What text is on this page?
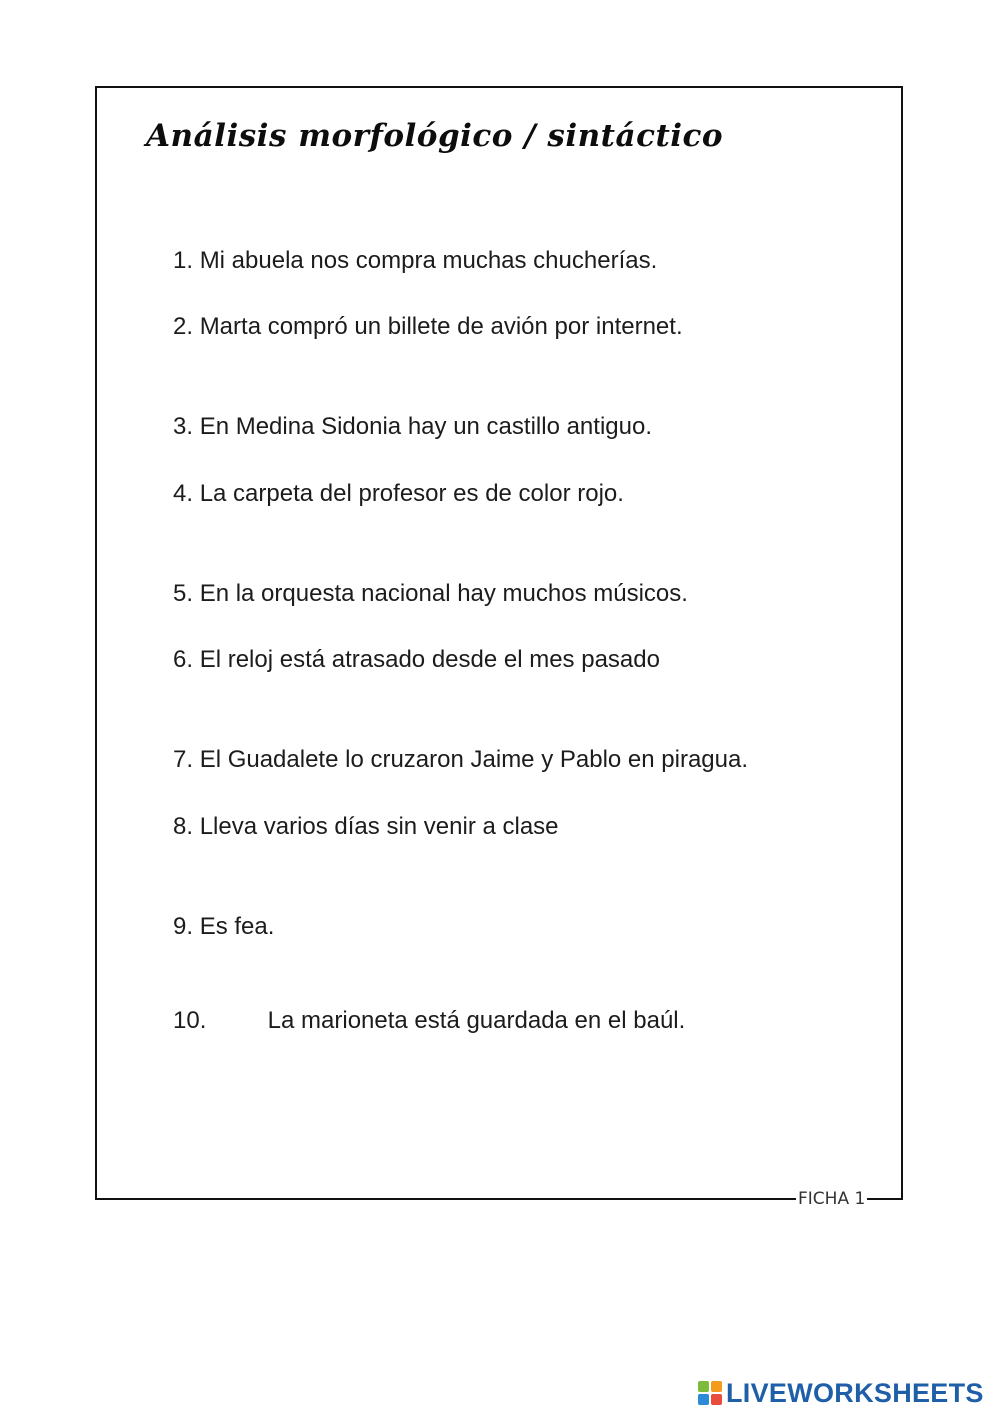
Análisis morfológico / sintáctico
1. Mi abuela nos compra muchas chucherías.
2. Marta compró un billete de avión por internet.
3. En Medina Sidonia hay un castillo antiguo.
4. La carpeta del profesor es de color rojo.
5. En la orquesta nacional hay muchos músicos.
6. El reloj está atrasado desde el mes pasado
7. El Guadalete lo cruzaron Jaime y Pablo en piragua.
8. Lleva varios días sin venir a clase
9. Es fea.
10.	La marioneta está guardada en el baúl.
FICHA 1
LIVEWORKSHEETS
